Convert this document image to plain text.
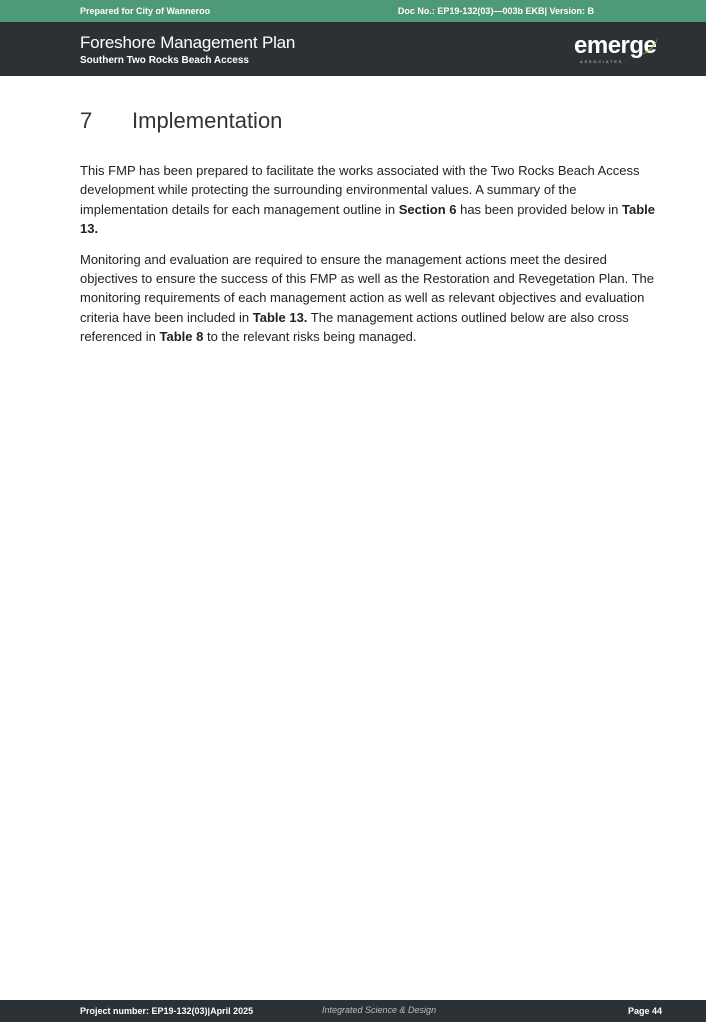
Prepared for City of Wanneroo	Doc No.: EP19-132(03)—003b EKB| Version: B
Foreshore Management Plan
Southern Two Rocks Beach Access
emerge
ASSOCIATES
7 Implementation

This FMP has been prepared to facilitate the works associated with the Two Rocks Beach Access development while protecting the surrounding environmental values. A summary of the implementation details for each management outline in Section 6 has been provided below in Table 13.

Monitoring and evaluation are required to ensure the management actions meet the desired objectives to ensure the success of this FMP as well as the Restoration and Revegetation Plan. The monitoring requirements of each management action as well as relevant objectives and evaluation criteria have been included in Table 13. The management actions outlined below are also cross referenced in Table 8 to the relevant risks being managed.

Project number: EP19-132(03)|April 2025	Integrated Science & Design	Page 44
